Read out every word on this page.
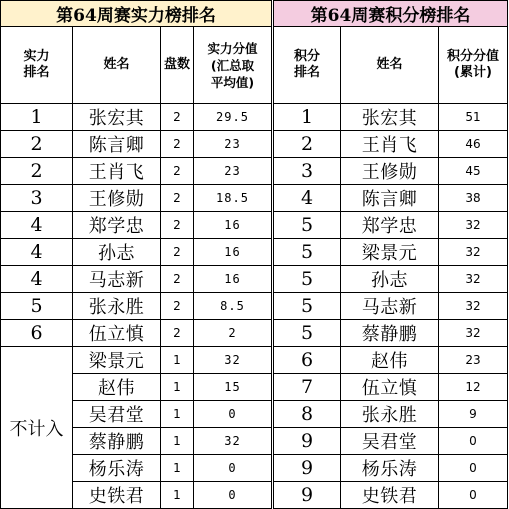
第64周赛实力榜排名			
实力
排名	姓名	盘数	实力分值
(汇总取
平均值)
1	张宏其	2	29.5
2	陈言卿	2	23
2	王肖飞	2	23
3	王修勋	2	18.5
4	郑学忠	2	16
4	孙志	2	16
4	马志新	2	16
5	张永胜	2	8.5
6	伍立慎	2	2
不计入	梁景元	1	32
	赵伟	1	15
	吴君堂	1	0
	蔡静鹏	1	32
	杨乐涛	1	0
	史铁君	1	0
第64周赛积分榜排名		
积分
排名	姓名	积分分值
(累计)
1	张宏其	51
2	王肖飞	46
3	王修勋	45
4	陈言卿	38
5	郑学忠	32
5	梁景元	32
5	孙志	32
5	马志新	32
5	蔡静鹏	32
6	赵伟	23
7	伍立慎	12
8	张永胜	9
9	吴君堂	0
9	杨乐涛	0
9	史铁君	0
